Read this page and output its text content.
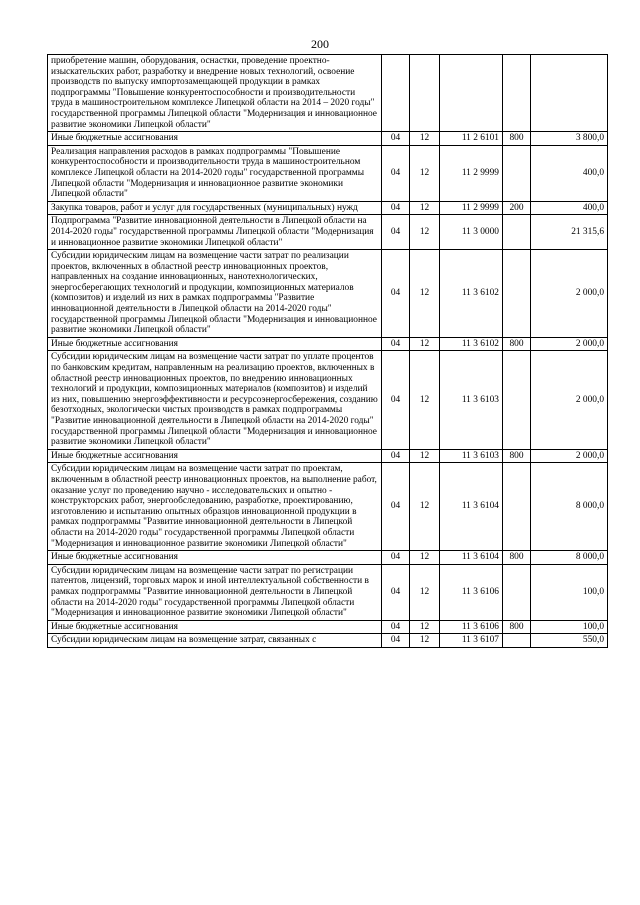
200
приобретение машин, оборудования, оснастки, проведение проектно-изыскательских работ, разработку и внедрение новых технологий, освоение производств по выпуску импортозамещающей продукции в рамках подпрограммы "Повышение конкурентоспособности и производительности труда в машиностроительном комплексе Липецкой области на 2014 – 2020 годы" государственной программы Липецкой области "Модернизация и инновационное развитие экономики Липецкой области"					
Иные бюджетные ассигнования	04	12	11 2 6101	800	3 800,0
Реализация направления расходов в рамках подпрограммы "Повышение конкурентоспособности и производительности труда в машиностроительном комплексе Липецкой области на 2014-2020 годы" государственной программы Липецкой области "Модернизация и инновационное развитие экономики Липецкой области"	04	12	11 2 9999		400,0
Закупка товаров, работ и услуг для государственных (муниципальных) нужд	04	12	11 2 9999	200	400,0
Подпрограмма "Развитие инновационной деятельности в Липецкой области на 2014-2020 годы" государственной программы Липецкой области "Модернизация и инновационное развитие экономики Липецкой области"	04	12	11 3 0000		21 315,6
Субсидии юридическим лицам на возмещение части затрат по реализации проектов, включенных в областной реестр инновационных проектов, направленных на создание инновационных, нанотехнологических, энергосберегающих технологий и продукции, композиционных материалов (композитов) и изделий из них в рамках подпрограммы "Развитие инновационной деятельности в Липецкой области на 2014-2020 годы" государственной программы Липецкой области "Модернизация и инновационное развитие экономики Липецкой области"	04	12	11 3 6102		2 000,0
Иные бюджетные ассигнования	04	12	11 3 6102	800	2 000,0
Субсидии юридическим лицам на возмещение части затрат по уплате процентов по банковским кредитам, направленным на реализацию проектов, включенных в областной реестр инновационных проектов, по внедрению инновационных технологий и продукции, композиционных материалов (композитов) и изделий из них, повышению энергоэффективности и ресурсоэнергосбережения, созданию безотходных, экологически чистых производств в рамках подпрограммы "Развитие инновационной деятельности в Липецкой области на 2014-2020 годы" государственной программы Липецкой области "Модернизация и инновационное развитие экономики Липецкой области"	04	12	11 3 6103		2 000,0
Иные бюджетные ассигнования	04	12	11 3 6103	800	2 000,0
Субсидии юридическим лицам на возмещение части затрат по проектам, включенным в областной реестр инновационных проектов, на выполнение работ, оказание услуг по проведению научно - исследовательских и опытно - конструкторских работ, энергообследованию, разработке, проектированию, изготовлению и испытанию опытных образцов инновационной продукции в рамках подпрограммы "Развитие инновационной деятельности в Липецкой области на 2014-2020 годы" государственной программы Липецкой области "Модернизация и инновационное развитие экономики Липецкой области"	04	12	11 3 6104		8 000,0
Иные бюджетные ассигнования	04	12	11 3 6104	800	8 000,0
Субсидии юридическим лицам на возмещение части затрат по регистрации патентов, лицензий, торговых марок и иной интеллектуальной собственности в рамках подпрограммы "Развитие инновационной деятельности в Липецкой области на 2014-2020 годы" государственной программы Липецкой области "Модернизация и инновационное развитие экономики Липецкой области"	04	12	11 3 6106		100,0
Иные бюджетные ассигнования	04	12	11 3 6106	800	100,0
Субсидии юридическим лицам на возмещение затрат, связанных с	04	12	11 3 6107		550,0
